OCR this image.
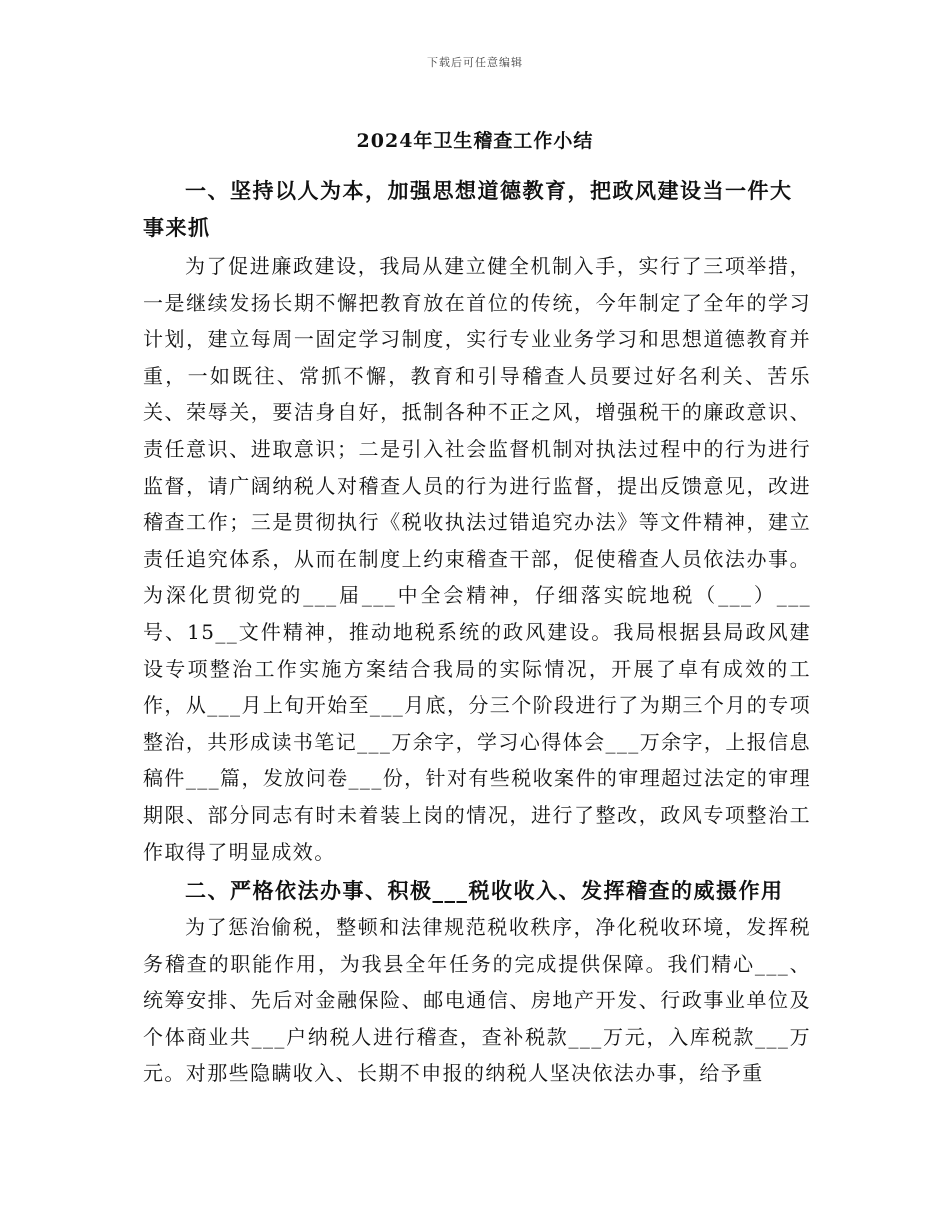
下载后可任意编辑
2024年卫生稽查工作小结

一、坚持以人为本，加强思想道德教育，把政风建设当一件大事来抓

为了促进廉政建设，我局从建立健全机制入手，实行了三项举措，一是继续发扬长期不懈把教育放在首位的传统，今年制定了全年的学习计划，建立每周一固定学习制度，实行专业业务学习和思想道德教育并重，一如既往、常抓不懈，教育和引导稽查人员要过好名利关、苦乐关、荣辱关，要洁身自好，抵制各种不正之风，增强税干的廉政意识、责任意识、进取意识；二是引入社会监督机制对执法过程中的行为进行监督，请广阔纳税人对稽查人员的行为进行监督，提出反馈意见，改进稽查工作；三是贯彻执行《税收执法过错追究办法》等文件精神，建立责任追究体系，从而在制度上约束稽查干部，促使稽查人员依法办事。为深化贯彻党的___届___中全会精神，仔细落实皖地税（___）___号、15__文件精神，推动地税系统的政风建设。我局根据县局政风建设专项整治工作实施方案结合我局的实际情况，开展了卓有成效的工作，从___月上旬开始至___月底，分三个阶段进行了为期三个月的专项整治，共形成读书笔记___万余字，学习心得体会___万余字，上报信息稿件___篇，发放问卷___份，针对有些税收案件的审理超过法定的审理期限、部分同志有时未着装上岗的情况，进行了整改，政风专项整治工作取得了明显成效。

二、严格依法办事、积极___税收收入、发挥稽查的威摄作用

为了惩治偷税，整顿和法律规范税收秩序，净化税收环境，发挥税务稽查的职能作用，为我县全年任务的完成提供保障。我们精心___、统筹安排、先后对金融保险、邮电通信、房地产开发、行政事业单位及个体商业共___户纳税人进行稽查，查补税款___万元，入库税款___万元。对那些隐瞒收入、长期不申报的纳税人坚决依法办事，给予重
